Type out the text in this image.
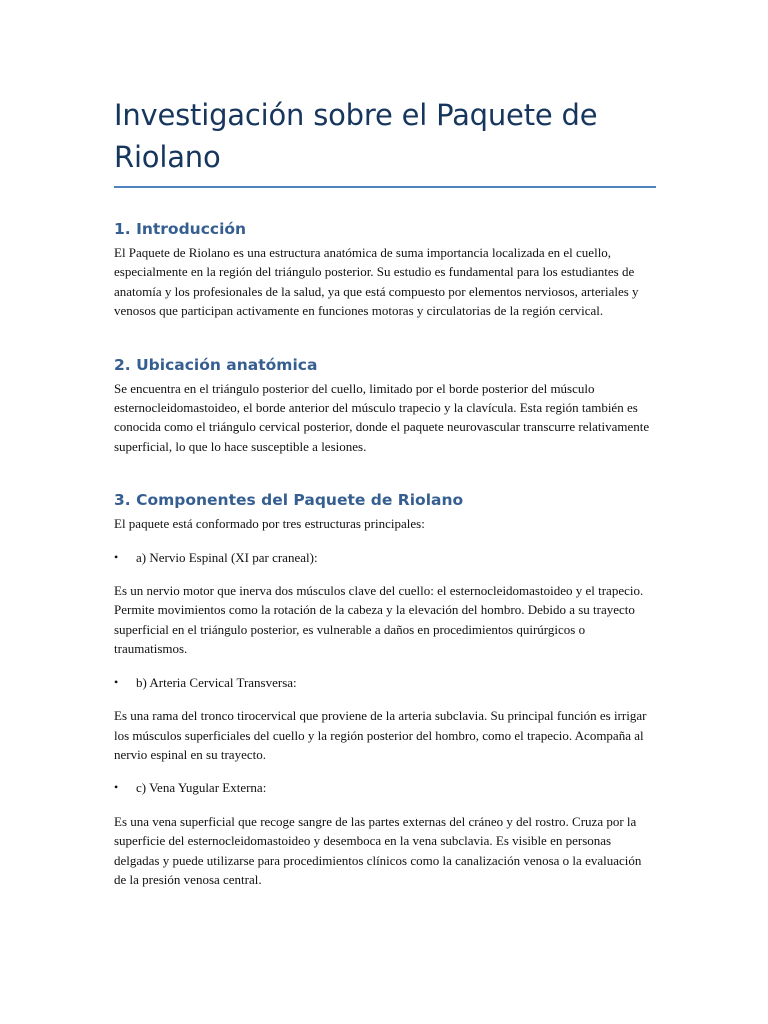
Investigación sobre el Paquete de Riolano
1. Introducción

El Paquete de Riolano es una estructura anatómica de suma importancia localizada en el cuello, especialmente en la región del triángulo posterior. Su estudio es fundamental para los estudiantes de anatomía y los profesionales de la salud, ya que está compuesto por elementos nerviosos, arteriales y venosos que participan activamente en funciones motoras y circulatorias de la región cervical.

2. Ubicación anatómica

Se encuentra en el triángulo posterior del cuello, limitado por el borde posterior del músculo esternocleidomastoideo, el borde anterior del músculo trapecio y la clavícula. Esta región también es conocida como el triángulo cervical posterior, donde el paquete neurovascular transcurre relativamente superficial, lo que lo hace susceptible a lesiones.

3. Componentes del Paquete de Riolano

El paquete está conformado por tres estructuras principales:

• a) Nervio Espinal (XI par craneal):

Es un nervio motor que inerva dos músculos clave del cuello: el esternocleidomastoideo y el trapecio. Permite movimientos como la rotación de la cabeza y la elevación del hombro. Debido a su trayecto superficial en el triángulo posterior, es vulnerable a daños en procedimientos quirúrgicos o traumatismos.

• b) Arteria Cervical Transversa:

Es una rama del tronco tirocervical que proviene de la arteria subclavia. Su principal función es irrigar los músculos superficiales del cuello y la región posterior del hombro, como el trapecio. Acompaña al nervio espinal en su trayecto.

• c) Vena Yugular Externa:

Es una vena superficial que recoge sangre de las partes externas del cráneo y del rostro. Cruza por la superficie del esternocleidomastoideo y desemboca en la vena subclavia. Es visible en personas delgadas y puede utilizarse para procedimientos clínicos como la canalización venosa o la evaluación de la presión venosa central.
